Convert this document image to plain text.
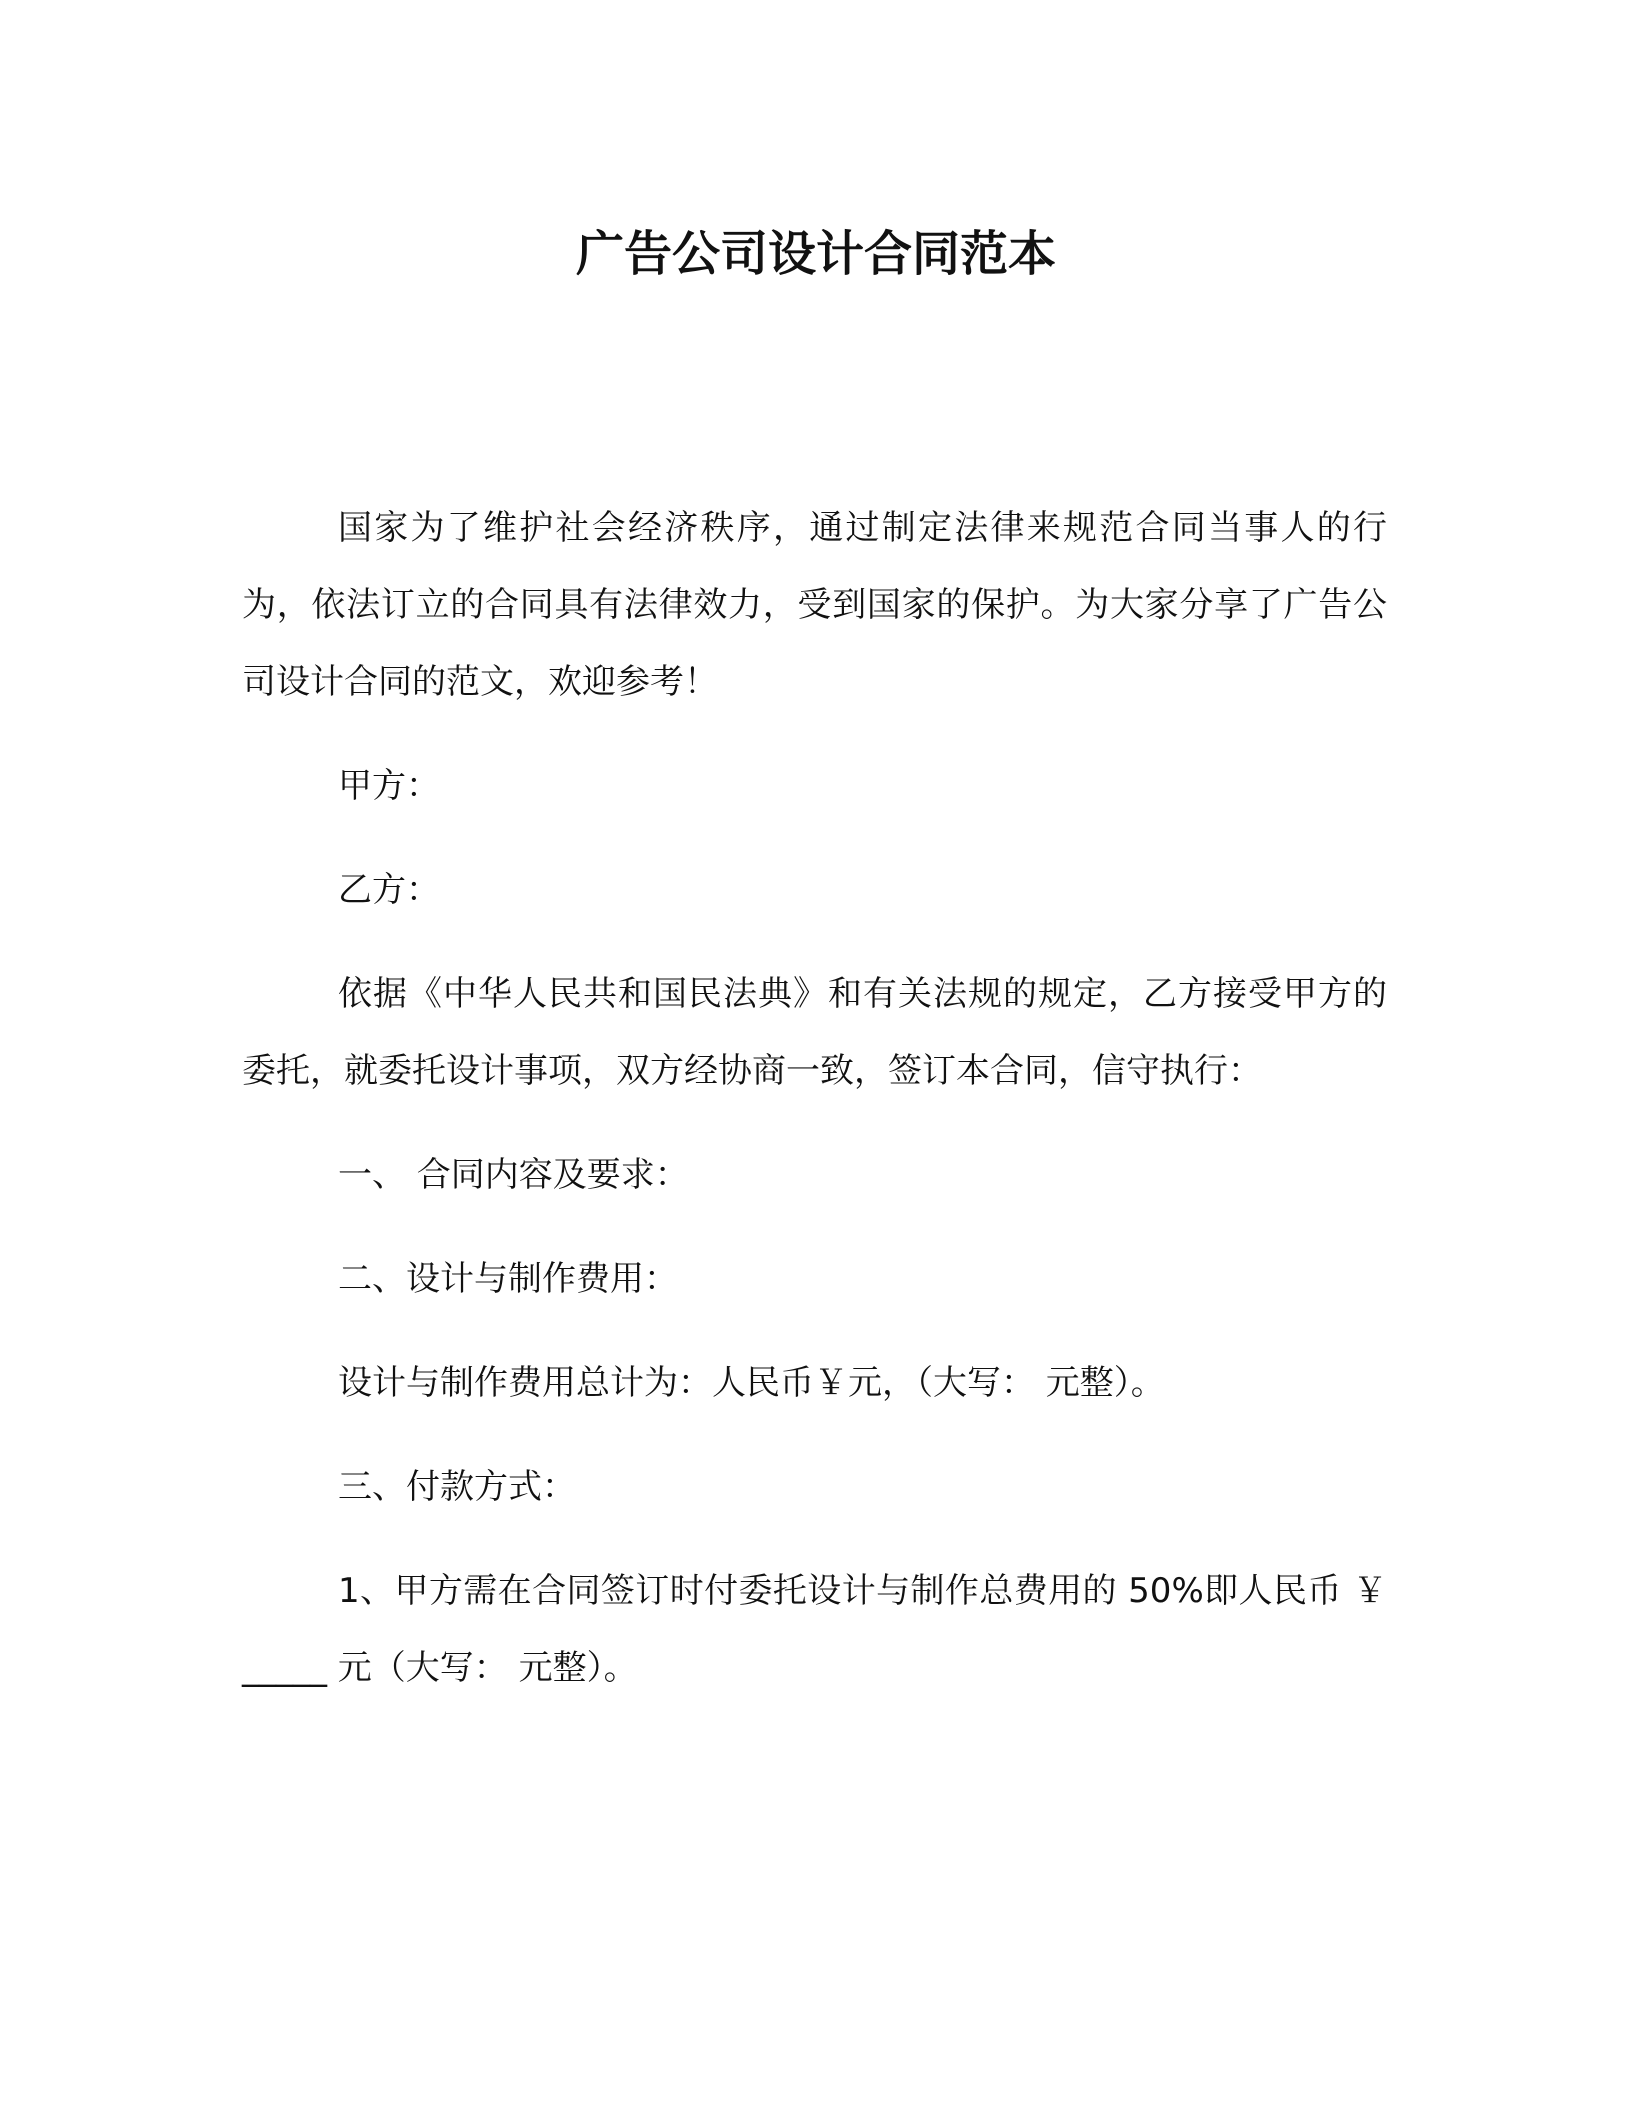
广告公司设计合同范本

国家为了维护社会经济秩序，通过制定法律来规范合同当事人的行为，依法订立的合同具有法律效力，受到国家的保护。为大家分享了广告公司设计合同的范文，欢迎参考！

甲方：

乙方：

依据《中华人民共和国民法典》和有关法规的规定，乙方接受甲方的委托，就委托设计事项，双方经协商一致，签订本合同，信守执行：

一、 合同内容及要求：

二、设计与制作费用：

设计与制作费用总计为：人民币￥元，（大写： 元整）。

三、付款方式：

1、甲方需在合同签订时付委托设计与制作总费用的 50%即人民币 ￥ _____ 元（大写： 元整）。
